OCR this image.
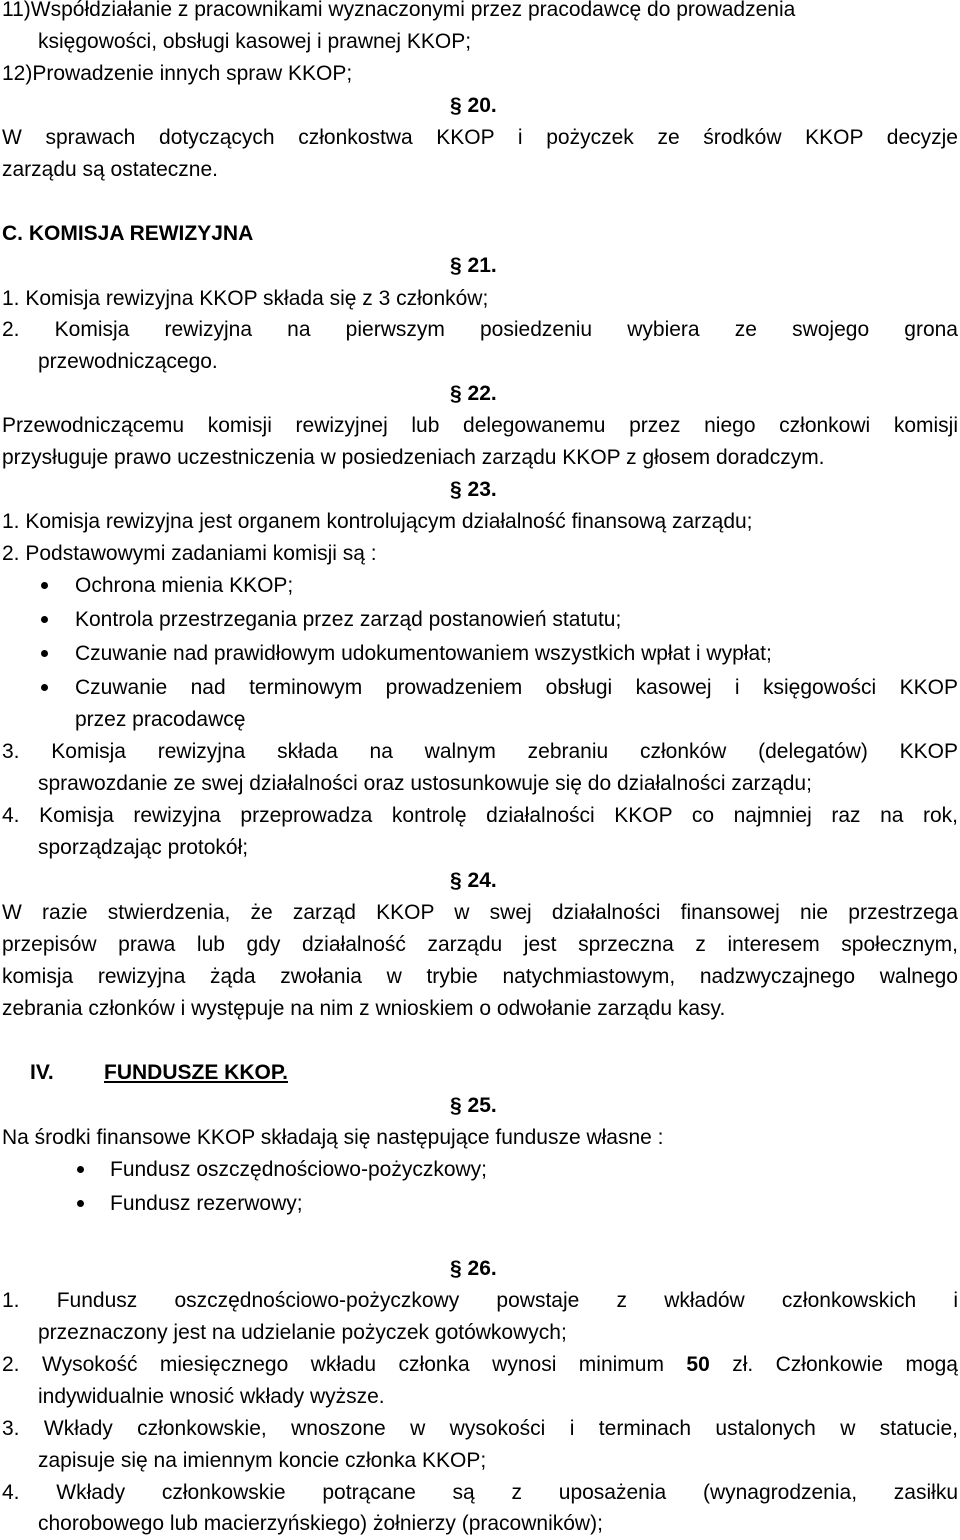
11)Współdziałanie z pracownikami wyznaczonymi przez pracodawcę do prowadzenia
księgowości, obsługi kasowej i prawnej KKOP;
12)Prowadzenie innych spraw KKOP;
§ 20.
W sprawach dotyczących członkostwa KKOP i pożyczek ze środków KKOP decyzje
zarządu są ostateczne.
C. KOMISJA REWIZYJNA
§ 21.
1. Komisja rewizyjna KKOP składa się z 3 członków;
2. Komisja rewizyjna na pierwszym posiedzeniu wybiera ze swojego grona
przewodniczącego.
§ 22.
Przewodniczącemu komisji rewizyjnej lub delegowanemu przez niego członkowi komisji
przysługuje prawo uczestniczenia w posiedzeniach zarządu KKOP z głosem doradczym.
§ 23.
1. Komisja rewizyjna jest organem kontrolującym działalność finansową zarządu;
2. Podstawowymi zadaniami komisji są :
Ochrona mienia KKOP;
Kontrola przestrzegania przez zarząd postanowień statutu;
Czuwanie nad prawidłowym udokumentowaniem wszystkich wpłat i wypłat;
Czuwanie nad terminowym prowadzeniem obsługi kasowej i księgowości KKOP
przez pracodawcę
3. Komisja rewizyjna składa na walnym zebraniu członków (delegatów) KKOP
sprawozdanie ze swej działalności oraz ustosunkowuje się do działalności zarządu;
4. Komisja rewizyjna przeprowadza kontrolę działalności KKOP co najmniej raz na rok,
sporządzając protokół;
§ 24.
W razie stwierdzenia, że zarząd KKOP w swej działalności finansowej nie przestrzega
przepisów prawa lub gdy działalność zarządu jest sprzeczna z interesem społecznym,
komisja rewizyjna żąda zwołania w trybie natychmiastowym, nadzwyczajnego walnego
zebrania członków i występuje na nim z wnioskiem o odwołanie zarządu kasy.
IV. FUNDUSZE KKOP.
§ 25.
Na środki finansowe KKOP składają się następujące fundusze własne :
Fundusz oszczędnościowo-pożyczkowy;
Fundusz rezerwowy;
§ 26.
1. Fundusz oszczędnościowo-pożyczkowy powstaje z wkładów członkowskich i
przeznaczony jest na udzielanie pożyczek gotówkowych;
2. Wysokość miesięcznego wkładu członka wynosi minimum 50 zł. Członkowie mogą
indywidualnie wnosić wkłady wyższe.
3. Wkłady członkowskie, wnoszone w wysokości i terminach ustalonych w statucie,
zapisuje się na imiennym koncie członka KKOP;
4. Wkłady członkowskie potrącane są z uposażenia (wynagrodzenia, zasiłku
chorobowego lub macierzyńskiego) żołnierzy (pracowników);
